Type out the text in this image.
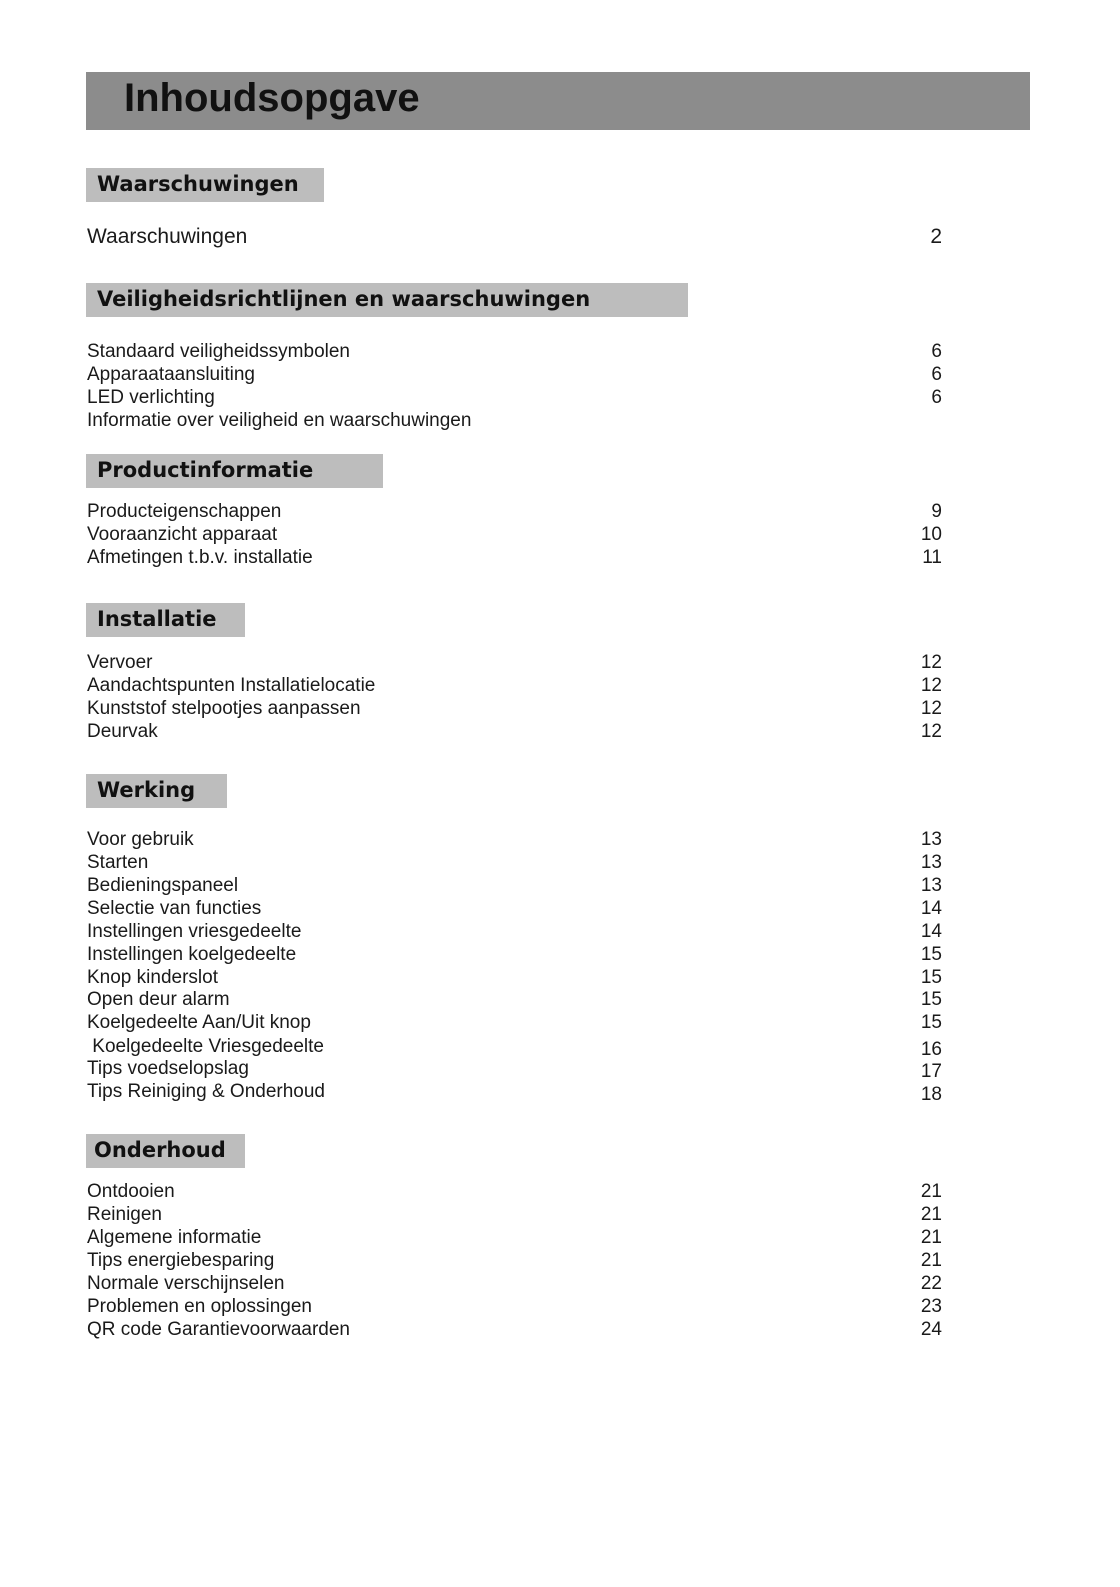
Inhoudsopgave
Waarschuwingen
Waarschuwingen	2
Veiligheidsrichtlijnen en waarschuwingen
Standaard veiligheidssymbolen	6
Apparaataansluiting	6
LED verlichting	6
Informatie over veiligheid en waarschuwingen
Productinformatie
Producteigenschappen	9
Vooraanzicht apparaat	10
Afmetingen t.b.v. installatie	11
Installatie
Vervoer	12
Aandachtspunten Installatielocatie	12
Kunststof stelpootjes aanpassen	12
Deurvak	12
Werking
Voor gebruik	13
Starten	13
Bedieningspaneel	13
Selectie van functies	14
Instellingen vriesgedeelte	14
Instellingen koelgedeelte	15
Knop kinderslot	15
Open deur alarm	15
Koelgedeelte Aan/Uit knop	15
Koelgedeelte Vriesgedeelte	16
Tips voedselopslag	17
Tips Reiniging & Onderhoud	18
Onderhoud
Ontdooien	21
Reinigen	21
Algemene informatie	21
Tips energiebesparing	21
Normale verschijnselen	22
Problemen en oplossingen	23
QR code Garantievoorwaarden	24
